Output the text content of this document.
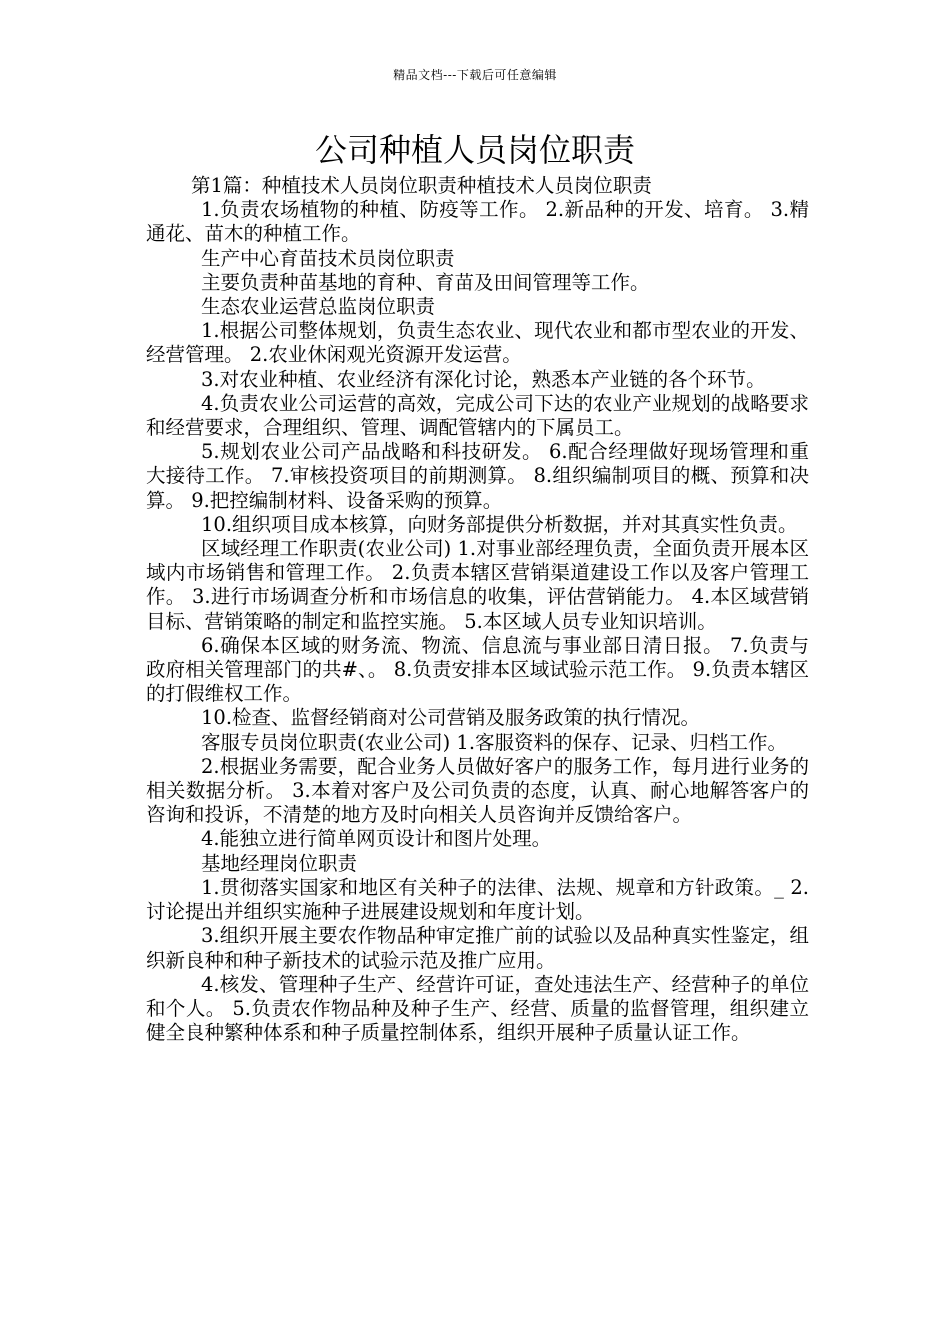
精品文档---下载后可任意编辑
公司种植人员岗位职责

第1篇：种植技术人员岗位职责种植技术人员岗位职责

1.负责农场植物的种植、防疫等工作。 2.新品种的开发、培育。 3.精通花、苗木的种植工作。

生产中心育苗技术员岗位职责

主要负责种苗基地的育种、育苗及田间管理等工作。

生态农业运营总监岗位职责

1.根据公司整体规划，负责生态农业、现代农业和都市型农业的开发、经营管理。 2.农业休闲观光资源开发运营。

3.对农业种植、农业经济有深化讨论，熟悉本产业链的各个环节。

4.负责农业公司运营的高效，完成公司下达的农业产业规划的战略要求和经营要求，合理组织、管理、调配管辖内的下属员工。

5.规划农业公司产品战略和科技研发。 6.配合经理做好现场管理和重大接待工作。 7.审核投资项目的前期测算。 8.组织编制项目的概、预算和决算。 9.把控编制材料、设备采购的预算。

10.组织项目成本核算，向财务部提供分析数据，并对其真实性负责。

区域经理工作职责(农业公司) 1.对事业部经理负责，全面负责开展本区域内市场销售和管理工作。 2.负责本辖区营销渠道建设工作以及客户管理工作。 3.进行市场调查分析和市场信息的收集，评估营销能力。 4.本区域营销目标、营销策略的制定和监控实施。 5.本区域人员专业知识培训。

6.确保本区域的财务流、物流、信息流与事业部日清日报。 7.负责与政府相关管理部门的共#、。 8.负责安排本区域试验示范工作。 9.负责本辖区的打假维权工作。

10.检查、监督经销商对公司营销及服务政策的执行情况。

客服专员岗位职责(农业公司) 1.客服资料的保存、记录、归档工作。

2.根据业务需要，配合业务人员做好客户的服务工作，每月进行业务的相关数据分析。 3.本着对客户及公司负责的态度，认真、耐心地解答客户的咨询和投诉，不清楚的地方及时向相关人员咨询并反馈给客户。

4.能独立进行简单网页设计和图片处理。

基地经理岗位职责

1.贯彻落实国家和地区有关种子的法律、法规、规章和方针政策。_ 2.讨论提出并组织实施种子进展建设规划和年度计划。

3.组织开展主要农作物品种审定推广前的试验以及品种真实性鉴定，组织新良种和种子新技术的试验示范及推广应用。

4.核发、管理种子生产、经营许可证，查处违法生产、经营种子的单位和个人。 5.负责农作物品种及种子生产、经营、质量的监督管理，组织建立健全良种繁种体系和种子质量控制体系，组织开展种子质量认证工作。
